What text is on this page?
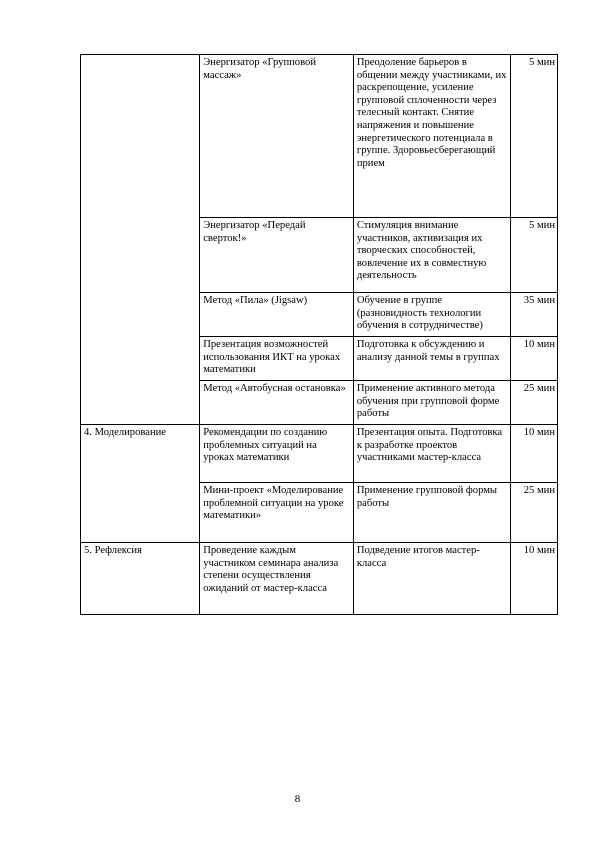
	Энергизатор «Групповой массаж»	Преодоление барьеров в общении между участниками, их раскрепощение, усиление групповой сплоченности через телесный контакт. Снятие напряжения и повышение энергетического потенциала в группе. Здоровьесберегающий прием	5 мин
	Энергизатор «Передай сверток!»	Стимуляция внимание участников, активизация их творческих способностей, вовлечение их в совместную деятельность	5 мин
	Метод «Пила» (Jigsaw)	Обучение в группе (разновидность технологии обучения в сотрудничестве)	35 мин
	Презентация возможностей использования ИКТ на уроках математики	Подготовка к обсуждению и анализу данной темы в группах	10 мин
	Метод «Автобусная остановка»	Применение активного метода обучения при групповой форме работы	25 мин
4. Моделирование	Рекомендации по созданию проблемных ситуаций на уроках математики	Презентация опыта. Подготовка к разработке проектов участниками мастер-класса	10 мин
	Мини-проект «Моделирование проблемной ситуации на уроке математики»	Применение групповой формы работы	25 мин
5. Рефлексия	Проведение каждым участником семинара анализа степени осуществления ожиданий от мастер-класса	Подведение итогов мастер-класса	10 мин
8
